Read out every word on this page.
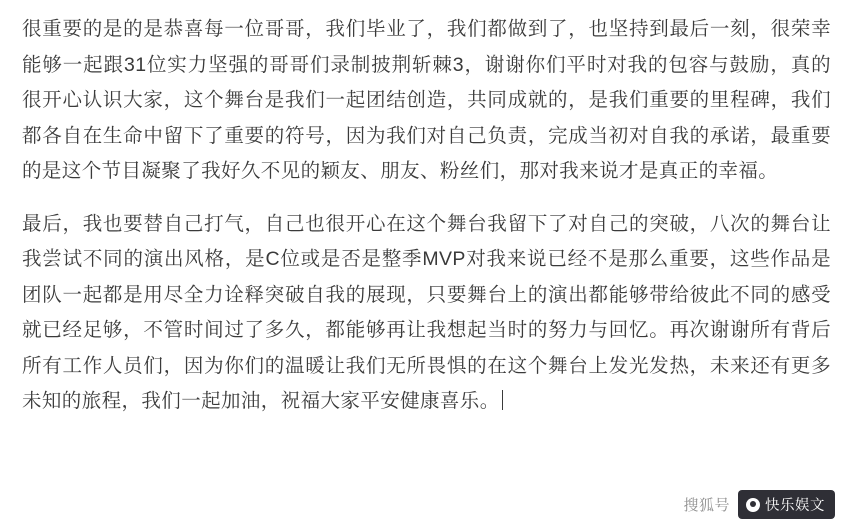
很重要的是的是恭喜每一位哥哥，我们毕业了，我们都做到了，也坚持到最后一刻，很荣幸能够一起跟31位实力坚强的哥哥们录制披荆斩棘3，谢谢你们平时对我的包容与鼓励，真的很开心认识大家，这个舞台是我们一起团结创造，共同成就的，是我们重要的里程碑，我们都各自在生命中留下了重要的符号，因为我们对自己负责，完成当初对自我的承诺，最重要的是这个节目凝聚了我好久不见的颖友、朋友、粉丝们，那对我来说才是真正的幸福。

最后，我也要替自己打气，自己也很开心在这个舞台我留下了对自己的突破，八次的舞台让我尝试不同的演出风格，是C位或是否是整季MVP对我来说已经不是那么重要，这些作品是团队一起都是用尽全力诠释突破自我的展现，只要舞台上的演出都能够带给彼此不同的感受就已经足够，不管时间过了多久，都能够再让我想起当时的努力与回忆。再次谢谢所有背后所有工作人员们，因为你们的温暖让我们无所畏惧的在这个舞台上发光发热，未来还有更多未知的旅程，我们一起加油，祝福大家平安健康喜乐。

搜狐号 快乐娱文
